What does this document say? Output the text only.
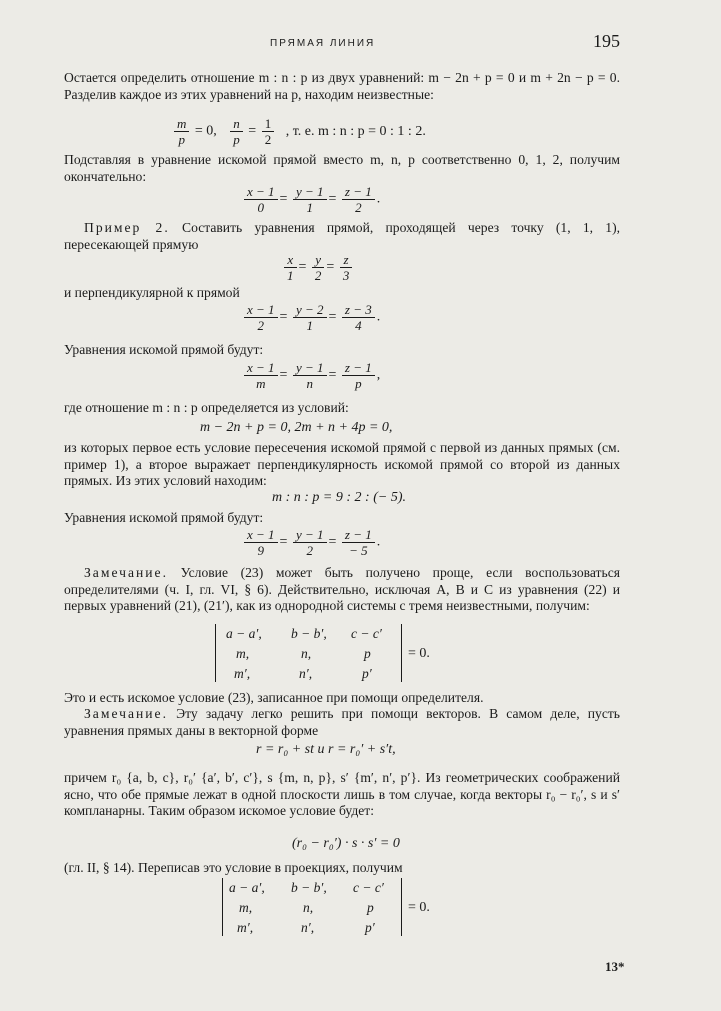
ПРЯМАЯ ЛИНИЯ	195

Остается определить отношение m : n : p из двух уравнений: m − 2n + p = 0 и m + 2n − p = 0. Разделив каждое из этих уравнений на p, находим неизвестные:

$\frac{m}{p} = 0$, $\frac{n}{p} = \frac{1}{2}$ , т. е. m : n : p = 0 : 1 : 2.

Подставляя в уравнение искомой прямой вместо m, n, p соответственно 0, 1, 2, получим окончательно:

$\frac{x - 1}{0} = \frac{y - 1}{1} = \frac{z - 1}{2}$ .

Пример 2. Составить уравнения прямой, проходящей через точку (1, 1, 1), пересекающей прямую

$\frac{x}{1} = \frac{y}{2} = \frac{z}{3}$

и перпендикулярной к прямой

$\frac{x - 1}{2} = \frac{y - 2}{1} = \frac{z - 3}{4}$ .

Уравнения искомой прямой будут:

$\frac{x - 1}{m} = \frac{y - 1}{n} = \frac{z - 1}{p}$ ,

где отношение m : n : p определяется из условий:

m − 2n + p = 0, 2m + n + 4p = 0,

из которых первое есть условие пересечения искомой прямой с первой из данных прямых (см. пример 1), а второе выражает перпендикулярность искомой прямой со второй из данных прямых. Из этих условий находим:

m : n : p = 9 : 2 : (− 5).

Уравнения искомой прямой будут:

$\frac{x - 1}{9} = \frac{y - 1}{2} = \frac{z - 1}{- 5}$ .

Замечание. Условие (23) может быть получено проще, если воспользоваться определителями (ч. I, гл. VI, § 6). Действительно, исключая A, B и C из уравнения (22) и первых уравнений (21), (21′), как из однородной системы с тремя неизвестными, получим:

a − a′, b − b′, c − c′
m,	n,	p
m′,	n′,	p′
= 0.

Это и есть искомое условие (23), записанное при помощи определителя.

Замечание. Эту задачу легко решить при помощи векторов. В самом деле, пусть уравнения прямых даны в векторной форме

r = r₀ + st и r = r₀′ + s′t,

причем r₀ {a, b, c}, r₀′ {a′, b′, c′}, s {m, n, p}, s′ {m′, n′, p′}. Из геометрических соображений ясно, что обе прямые лежат в одной плоскости лишь в том случае, когда векторы r₀ − r₀′, s и s′ компланарны. Таким образом искомое условие будет:

(r₀ − r₀′) · s · s′ = 0

(гл. II, § 14). Переписав это условие в проекциях, получим

a − a′, b − b′, c − c′
m,	n,	p
m′,	n′,	p′
= 0.
13*
